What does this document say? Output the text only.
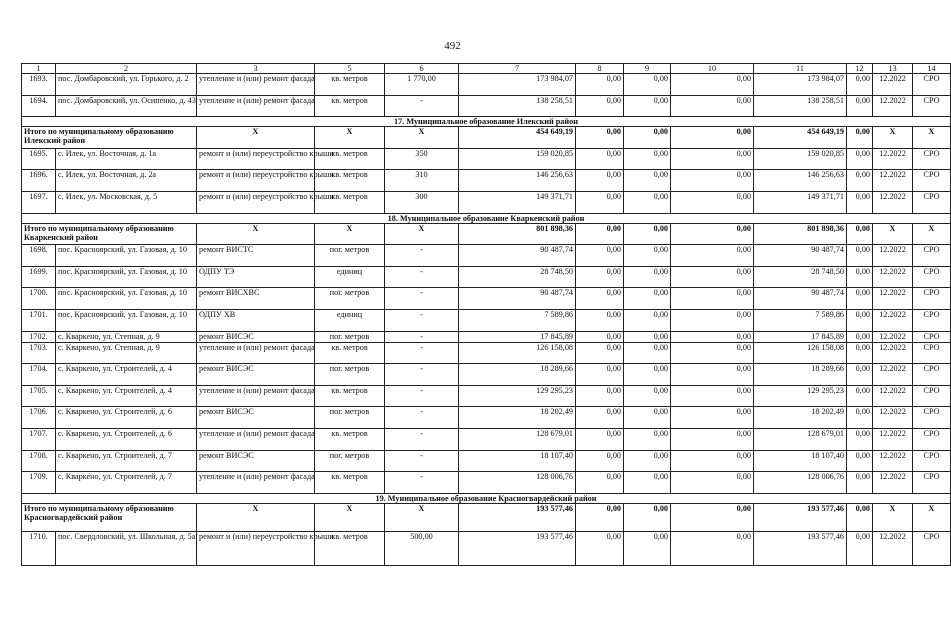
492
1	2	3	5	6	7	8	9	10	11	12	13	14
1693.	пос. Домбаровский, ул. Горького, д. 2	утепление и (или) ремонт фасада	кв. метров	1 770,00	173 984,07	0,00	0,00	0,00	173 984,07	0,00	12.2022	СРО
1694.	пос. Домбаровский, ул. Осипенко, д. 43	утепление и (или) ремонт фасада	кв. метров	-	138 258,51	0,00	0,00	0,00	138 258,51	0,00	12.2022	СРО
17. Муниципальное образование Илекский район												
Итого по муниципальному образованию Илекский район		X	X	X	454 649,19	0,00	0,00	0,00	454 649,19	0,00	X	X
1695.	с. Илек, ул. Восточная, д. 1а	ремонт и (или) переустройство крыши	кв. метров	350	159 020,85	0,00	0,00	0,00	159 020,85	0,00	12.2022	СРО
1696.	с. Илек, ул. Восточная, д. 2а	ремонт и (или) переустройство крыши	кв. метров	310	146 256,63	0,00	0,00	0,00	146 256,63	0,00	12.2022	СРО
1697.	с. Илек, ул. Московская, д. 5	ремонт и (или) переустройство крыши	кв. метров	300	149 371,71	0,00	0,00	0,00	149 371,71	0,00	12.2022	СРО
18. Муниципальное образование Кваркенский район												
Итого по муниципальному образованию Кваркенский район		X	X	X	801 898,36	0,00	0,00	0,00	801 898,36	0,00	X	X
1698.	пос. Красноярский, ул. Газовая, д. 10	ремонт ВИСТС	пог. метров	-	90 487,74	0,00	0,00	0,00	90 487,74	0,00	12.2022	СРО
1699.	пос. Красноярский, ул. Газовая, д. 10	ОДПУ ТЭ	единиц	-	28 748,50	0,00	0,00	0,00	28 748,50	0,00	12.2022	СРО
1700.	пос. Красноярский, ул. Газовая, д. 10	ремонт ВИСХВС	пог. метров	-	90 487,74	0,00	0,00	0,00	90 487,74	0,00	12.2022	СРО
1701.	пос. Красноярский, ул. Газовая, д. 10	ОДПУ ХВ	единиц	-	7 589,86	0,00	0,00	0,00	7 589,86	0,00	12.2022	СРО
1702.	с. Кваркено, ул. Степная, д. 9	ремонт ВИСЭС	пог. метров	-	17 845,89	0,00	0,00	0,00	17 845,89	0,00	12.2022	СРО
1703.	с. Кваркено, ул. Степная, д. 9	утепление и (или) ремонт фасада	кв. метров	-	126 158,08	0,00	0,00	0,00	126 158,08	0,00	12.2022	СРО
1704.	с. Кваркено, ул. Строителей, д. 4	ремонт ВИСЭС	пог. метров	-	18 289,66	0,00	0,00	0,00	18 289,66	0,00	12.2022	СРО
1705.	с. Кваркено, ул. Строителей, д. 4	утепление и (или) ремонт фасада	кв. метров	-	129 295,23	0,00	0,00	0,00	129 295,23	0,00	12.2022	СРО
1706.	с. Кваркено, ул. Строителей, д. 6	ремонт ВИСЭС	пог. метров	-	18 202,49	0,00	0,00	0,00	18 202,49	0,00	12.2022	СРО
1707.	с. Кваркено, ул. Строителей, д. 6	утепление и (или) ремонт фасада	кв. метров	-	128 679,01	0,00	0,00	0,00	128 679,01	0,00	12.2022	СРО
1708.	с. Кваркено, ул. Строителей, д. 7	ремонт ВИСЭС	пог. метров	-	18 107,40	0,00	0,00	0,00	18 107,40	0,00	12.2022	СРО
1709.	с. Кваркено, ул. Строителей, д. 7	утепление и (или) ремонт фасада	кв. метров	-	128 006,76	0,00	0,00	0,00	128 006,76	0,00	12.2022	СРО
19. Муниципальное образование Красногвардейский район												
Итого по муниципальному образованию Красногвардейский район		X	X	X	193 577,46	0,00	0,00	0,00	193 577,46	0,00	X	X
1710.	пос. Свердловский, ул. Школьная, д. 5а	ремонт и (или) переустройство крыши	кв. метров	500,00	193 577,46	0,00	0,00	0,00	193 577,46	0,00	12.2022	СРО
